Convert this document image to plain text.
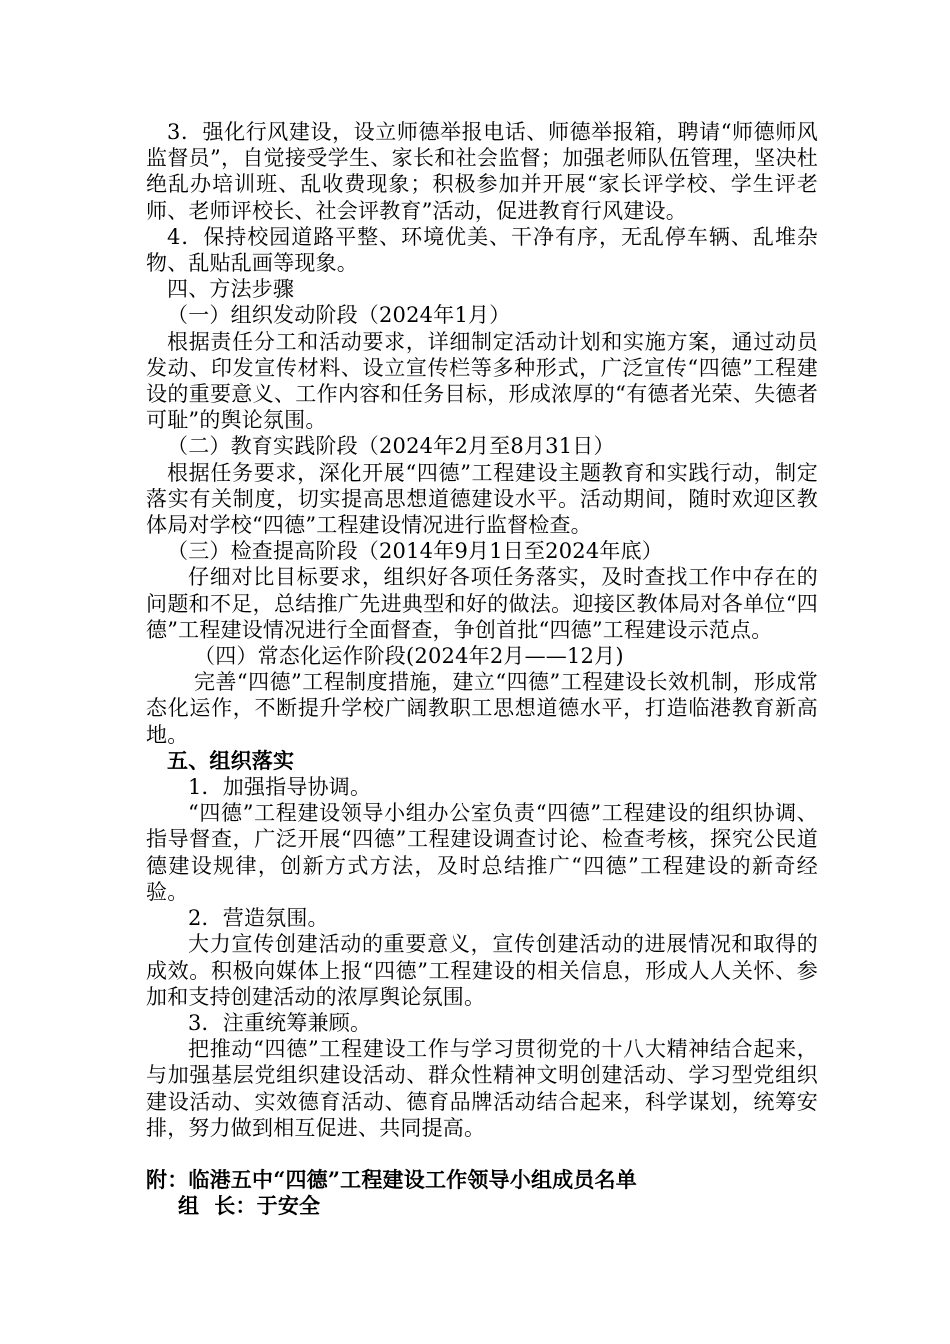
3．强化行风建设，设立师德举报电话、师德举报箱，聘请“师德师风监督员”，自觉接受学生、家长和社会监督；加强老师队伍管理，坚决杜绝乱办培训班、乱收费现象；积极参加并开展“家长评学校、学生评老师、老师评校长、社会评教育”活动，促进教育行风建设。

4．保持校园道路平整、环境优美、干净有序，无乱停车辆、乱堆杂物、乱贴乱画等现象。

四、方法步骤

（一）组织发动阶段（2024年1月）

根据责任分工和活动要求，详细制定活动计划和实施方案，通过动员发动、印发宣传材料、设立宣传栏等多种形式，广泛宣传“四德”工程建设的重要意义、工作内容和任务目标，形成浓厚的“有德者光荣、失德者可耻”的舆论氛围。

（二）教育实践阶段（2024年2月至8月31日）

根据任务要求，深化开展“四德”工程建设主题教育和实践行动，制定落实有关制度，切实提高思想道德建设水平。活动期间，随时欢迎区教体局对学校“四德”工程建设情况进行监督检查。

（三）检查提高阶段（2014年9月1日至2024年底）

仔细对比目标要求，组织好各项任务落实，及时查找工作中存在的问题和不足，总结推广先进典型和好的做法。迎接区教体局对各单位“四德”工程建设情况进行全面督查，争创首批“四德”工程建设示范点。

（四）常态化运作阶段(2024年2月——12月)

完善“四德”工程制度措施，建立“四德”工程建设长效机制，形成常态化运作，不断提升学校广阔教职工思想道德水平，打造临港教育新高地。

五、组织落实

1．加强指导协调。

“四德”工程建设领导小组办公室负责“四德”工程建设的组织协调、指导督查，广泛开展“四德”工程建设调查讨论、检查考核，探究公民道德建设规律，创新方式方法，及时总结推广“四德”工程建设的新奇经验。

2．营造氛围。

大力宣传创建活动的重要意义，宣传创建活动的进展情况和取得的成效。积极向媒体上报“四德”工程建设的相关信息，形成人人关怀、参加和支持创建活动的浓厚舆论氛围。

3．注重统筹兼顾。

把推动“四德”工程建设工作与学习贯彻党的十八大精神结合起来，与加强基层党组织建设活动、群众性精神文明创建活动、学习型党组织建设活动、实效德育活动、德育品牌活动结合起来，科学谋划，统筹安排，努力做到相互促进、共同提高。

附：临港五中“四德”工程建设工作领导小组成员名单

组  长：于安全
